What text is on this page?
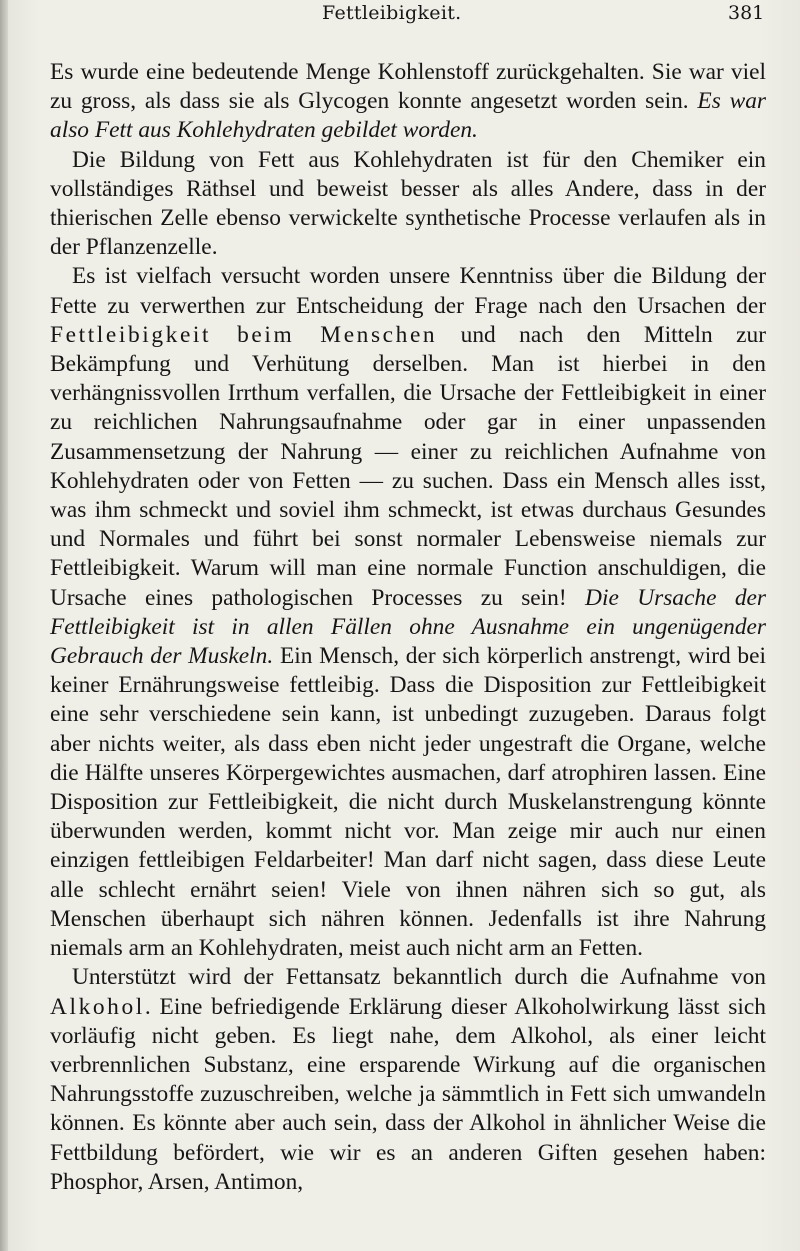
Fettleibigkeit.	381

Es wurde eine bedeutende Menge Kohlenstoff zurückgehalten. Sie war viel zu gross, als dass sie als Glycogen konnte angesetzt worden sein. Es war also Fett aus Kohlehydraten gebildet worden.

Die Bildung von Fett aus Kohlehydraten ist für den Chemiker ein vollständiges Räthsel und beweist besser als alles Andere, dass in der thierischen Zelle ebenso verwickelte synthetische Processe verlaufen als in der Pflanzenzelle.

Es ist vielfach versucht worden unsere Kenntniss über die Bildung der Fette zu verwerthen zur Entscheidung der Frage nach den Ursachen der Fettleibigkeit beim Menschen und nach den Mitteln zur Bekämpfung und Verhütung derselben. Man ist hierbei in den verhängnissvollen Irrthum verfallen, die Ursache der Fettleibigkeit in einer zu reichlichen Nahrungsaufnahme oder gar in einer unpassenden Zusammensetzung der Nahrung — einer zu reichlichen Aufnahme von Kohlehydraten oder von Fetten — zu suchen. Dass ein Mensch alles isst, was ihm schmeckt und soviel ihm schmeckt, ist etwas durchaus Gesundes und Normales und führt bei sonst normaler Lebensweise niemals zur Fettleibigkeit. Warum will man eine normale Function anschuldigen, die Ursache eines pathologischen Processes zu sein! Die Ursache der Fettleibigkeit ist in allen Fällen ohne Ausnahme ein ungenügender Gebrauch der Muskeln. Ein Mensch, der sich körperlich anstrengt, wird bei keiner Ernährungsweise fettleibig. Dass die Disposition zur Fettleibigkeit eine sehr verschiedene sein kann, ist unbedingt zuzugeben. Daraus folgt aber nichts weiter, als dass eben nicht jeder ungestraft die Organe, welche die Hälfte unseres Körpergewichtes ausmachen, darf atrophiren lassen. Eine Disposition zur Fettleibigkeit, die nicht durch Muskelanstrengung könnte überwunden werden, kommt nicht vor. Man zeige mir auch nur einen einzigen fettleibigen Feldarbeiter! Man darf nicht sagen, dass diese Leute alle schlecht ernährt seien! Viele von ihnen nähren sich so gut, als Menschen überhaupt sich nähren können. Jedenfalls ist ihre Nahrung niemals arm an Kohlehydraten, meist auch nicht arm an Fetten.

Unterstützt wird der Fettansatz bekanntlich durch die Aufnahme von Alkohol. Eine befriedigende Erklärung dieser Alkoholwirkung lässt sich vorläufig nicht geben. Es liegt nahe, dem Alkohol, als einer leicht verbrennlichen Substanz, eine ersparende Wirkung auf die organischen Nahrungsstoffe zuzuschreiben, welche ja sämmtlich in Fett sich umwandeln können. Es könnte aber auch sein, dass der Alkohol in ähnlicher Weise die Fettbildung befördert, wie wir es an anderen Giften gesehen haben: Phosphor, Arsen, Antimon,
